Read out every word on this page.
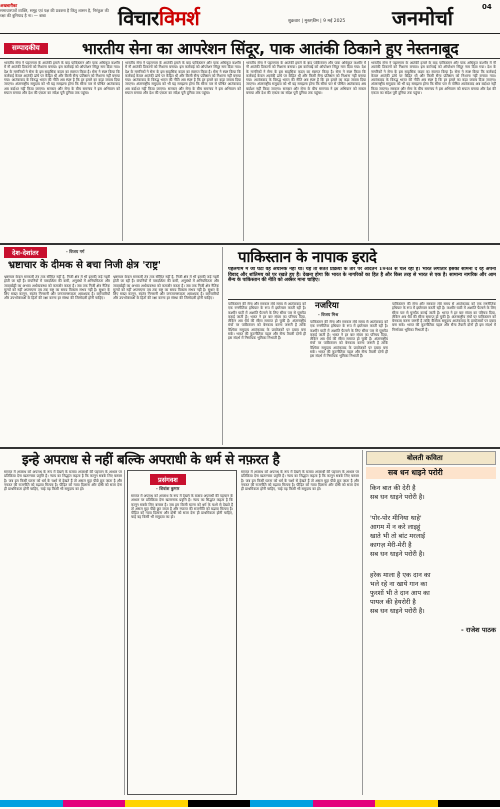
अखबारीका
समाचारपत्रों व्यक्ति, समूह एवं पक्ष की प्रवक्ता है किंतु शासन है, निरंकुश की रक्षा की बुनियाद है ना। — बाबा	विचारविमर्श	शुक्रवार | मुस्तफ़ीम | 9 मई 2025 जनमोर्चा	04
सम्पादकीय	भारतीय सेना का आपरेशन सिंदूर, पाक आतंकी ठिकाने हुए नेस्तनाबूद
भारतीय सेना ने पहलगाम के आतंकी हमले के बाद पाकिस्तान और पाक अधिकृत कश्मीर में नौ आतंकी ठिकानों को निशाना बनाया। इस कार्रवाई को ऑपरेशन सिंदूर नाम दिया गया। देश के नागरिकों ने सेना के इस साहसिक कदम का स्वागत किया है। सेना ने स्पष्ट किया कि कार्रवाई केवल आतंकी ढांचे पर केंद्रित थी और किसी सैन्य प्रतिष्ठान को निशाना नहीं बनाया गया। आतंकवाद के विरुद्ध भारत की नीति अब स्पष्ट है कि हर हमले का कड़ा जवाब दिया जाएगा। अंतरराष्ट्रीय समुदाय को भी यह समझना होगा कि सीमा पार से पोषित आतंकवाद अब बर्दाश्त नहीं किया जाएगा। सरकार और सेना के बीच समन्वय ने इस अभियान को सफल बनाया और देश की एकता का संदेश पूरी दुनिया तक पहुंचा।
भारतीय सेना ने पहलगाम के आतंकी हमले के बाद पाकिस्तान और पाक अधिकृत कश्मीर में नौ आतंकी ठिकानों को निशाना बनाया। इस कार्रवाई को ऑपरेशन सिंदूर नाम दिया गया। देश के नागरिकों ने सेना के इस साहसिक कदम का स्वागत किया है। सेना ने स्पष्ट किया कि कार्रवाई केवल आतंकी ढांचे पर केंद्रित थी और किसी सैन्य प्रतिष्ठान को निशाना नहीं बनाया गया। आतंकवाद के विरुद्ध भारत की नीति अब स्पष्ट है कि हर हमले का कड़ा जवाब दिया जाएगा। अंतरराष्ट्रीय समुदाय को भी यह समझना होगा कि सीमा पार से पोषित आतंकवाद अब बर्दाश्त नहीं किया जाएगा। सरकार और सेना के बीच समन्वय ने इस अभियान को सफल बनाया और देश की एकता का संदेश पूरी दुनिया तक पहुंचा।
भारतीय सेना ने पहलगाम के आतंकी हमले के बाद पाकिस्तान और पाक अधिकृत कश्मीर में नौ आतंकी ठिकानों को निशाना बनाया। इस कार्रवाई को ऑपरेशन सिंदूर नाम दिया गया। देश के नागरिकों ने सेना के इस साहसिक कदम का स्वागत किया है। सेना ने स्पष्ट किया कि कार्रवाई केवल आतंकी ढांचे पर केंद्रित थी और किसी सैन्य प्रतिष्ठान को निशाना नहीं बनाया गया। आतंकवाद के विरुद्ध भारत की नीति अब स्पष्ट है कि हर हमले का कड़ा जवाब दिया जाएगा। अंतरराष्ट्रीय समुदाय को भी यह समझना होगा कि सीमा पार से पोषित आतंकवाद अब बर्दाश्त नहीं किया जाएगा। सरकार और सेना के बीच समन्वय ने इस अभियान को सफल बनाया और देश की एकता का संदेश पूरी दुनिया तक पहुंचा।
भारतीय सेना ने पहलगाम के आतंकी हमले के बाद पाकिस्तान और पाक अधिकृत कश्मीर में नौ आतंकी ठिकानों को निशाना बनाया। इस कार्रवाई को ऑपरेशन सिंदूर नाम दिया गया। देश के नागरिकों ने सेना के इस साहसिक कदम का स्वागत किया है। सेना ने स्पष्ट किया कि कार्रवाई केवल आतंकी ढांचे पर केंद्रित थी और किसी सैन्य प्रतिष्ठान को निशाना नहीं बनाया गया। आतंकवाद के विरुद्ध भारत की नीति अब स्पष्ट है कि हर हमले का कड़ा जवाब दिया जाएगा। अंतरराष्ट्रीय समुदाय को भी यह समझना होगा कि सीमा पार से पोषित आतंकवाद अब बर्दाश्त नहीं किया जाएगा। सरकार और सेना के बीच समन्वय ने इस अभियान को सफल बनाया और देश की एकता का संदेश पूरी दुनिया तक पहुंचा।
देश-देशांतर	- विजय गर्ग
भ्रष्टाचार के दीमक से बचा निजी क्षेत्र 'राष्ट्र'
भ्रष्टाचार केवल सरकारी तंत्र तक सीमित नहीं है, निजी क्षेत्र में भी इसकी जड़ें गहरी होती जा रही हैं। कंपनियों में पारदर्शिता की कमी, अनुबंधों में अनियमितता और जवाबदेही का अभाव अर्थव्यवस्था को कमजोर करता है। जब तक निजी क्षेत्र नैतिक मूल्यों को नहीं अपनाएगा तब तक राष्ट्र का समग्र विकास संभव नहीं है। सुधार के लिए सख्त कानून, स्वतंत्र निगरानी और जनजागरूकता आवश्यक है। कर्मचारियों और उपभोक्ताओं के हितों की रक्षा करना हर संस्था की जिम्मेदारी होनी चाहिए।
भ्रष्टाचार केवल सरकारी तंत्र तक सीमित नहीं है, निजी क्षेत्र में भी इसकी जड़ें गहरी होती जा रही हैं। कंपनियों में पारदर्शिता की कमी, अनुबंधों में अनियमितता और जवाबदेही का अभाव अर्थव्यवस्था को कमजोर करता है। जब तक निजी क्षेत्र नैतिक मूल्यों को नहीं अपनाएगा तब तक राष्ट्र का समग्र विकास संभव नहीं है। सुधार के लिए सख्त कानून, स्वतंत्र निगरानी और जनजागरूकता आवश्यक है। कर्मचारियों और उपभोक्ताओं के हितों की रक्षा करना हर संस्था की जिम्मेदारी होनी चाहिए।
पाकिस्तान के नापाक इरादे
पहलगाम में जो घटा वह अचानक नहीं था। यह तो सतत प्रक्रिया के तौर पर आदतन 1948 से चल रहा है। भारत लगातार इसका सामना दे रहे अपनी विवाद और शांतिमय को पर रखते हुए है। देखना होगा कि भारत के नागरिकों का हित है और किस तरह से भारत से एक है। सामान्य नागरिक और आम सैन्य के पाकिस्तान की नीति को अक्सर माना चाहिए।
पाकिस्तान की सेना और सरकार लंबे समय से आतंकवाद को एक रणनीतिक हथियार के रूप में इस्तेमाल करती रही है। कश्मीर घाटी में अशांति फैलाने के लिए सीमा पार से घुसपैठ कराई जाती है। भारत ने हर बार संयम का परिचय दिया, लेकिन अब धैर्य की सीमा समाप्त हो चुकी है। अंतरराष्ट्रीय मंचों पर पाकिस्तान को बेनकाब करना जरूरी है ताकि वैश्विक समुदाय आतंकवाद के प्रायोजकों पर दबाव बना सके। भारत की कूटनीतिक पहल और सैन्य तैयारी दोनों ही इस संदर्भ में निर्णायक भूमिका निभाती हैं।
नजरिया
- विजय मिश्र
पाकिस्तान की सेना और सरकार लंबे समय से आतंकवाद को एक रणनीतिक हथियार के रूप में इस्तेमाल करती रही है। कश्मीर घाटी में अशांति फैलाने के लिए सीमा पार से घुसपैठ कराई जाती है। भारत ने हर बार संयम का परिचय दिया, लेकिन अब धैर्य की सीमा समाप्त हो चुकी है। अंतरराष्ट्रीय मंचों पर पाकिस्तान को बेनकाब करना जरूरी है ताकि वैश्विक समुदाय आतंकवाद के प्रायोजकों पर दबाव बना सके। भारत की कूटनीतिक पहल और सैन्य तैयारी दोनों ही इस संदर्भ में निर्णायक भूमिका निभाती हैं।
पाकिस्तान की सेना और सरकार लंबे समय से आतंकवाद को एक रणनीतिक हथियार के रूप में इस्तेमाल करती रही है। कश्मीर घाटी में अशांति फैलाने के लिए सीमा पार से घुसपैठ कराई जाती है। भारत ने हर बार संयम का परिचय दिया, लेकिन अब धैर्य की सीमा समाप्त हो चुकी है। अंतरराष्ट्रीय मंचों पर पाकिस्तान को बेनकाब करना जरूरी है ताकि वैश्विक समुदाय आतंकवाद के प्रायोजकों पर दबाव बना सके। भारत की कूटनीतिक पहल और सैन्य तैयारी दोनों ही इस संदर्भ में निर्णायक भूमिका निभाती हैं।
इन्हे अपराध से नहीं बल्कि अपराधी के धर्म से नफ़रत है
समाज में अपराध को अपराध के रूप में देखने के बजाय अपराधी की पहचान के आधार पर प्रतिक्रिया देना खतरनाक प्रवृत्ति है। न्याय का सिद्धांत कहता है कि कानून सबके लिए बराबर है। जब हम किसी घटना को धर्म के चश्मे से देखते हैं तो असल मुद्दा पीछे छूट जाता है और नफरत की राजनीति को बढ़ावा मिलता है। पीड़ित को न्याय दिलाना और दोषी को सजा देना ही प्राथमिकता होनी चाहिए, चाहे वह किसी भी समुदाय का हो।
प्रसंगवश
- शिवांश कुमार
समाज में अपराध को अपराध के रूप में देखने के बजाय अपराधी की पहचान के आधार पर प्रतिक्रिया देना खतरनाक प्रवृत्ति है। न्याय का सिद्धांत कहता है कि कानून सबके लिए बराबर है। जब हम किसी घटना को धर्म के चश्मे से देखते हैं तो असल मुद्दा पीछे छूट जाता है और नफरत की राजनीति को बढ़ावा मिलता है। पीड़ित को न्याय दिलाना और दोषी को सजा देना ही प्राथमिकता होनी चाहिए, चाहे वह किसी भी समुदाय का हो।
समाज में अपराध को अपराध के रूप में देखने के बजाय अपराधी की पहचान के आधार पर प्रतिक्रिया देना खतरनाक प्रवृत्ति है। न्याय का सिद्धांत कहता है कि कानून सबके लिए बराबर है। जब हम किसी घटना को धर्म के चश्मे से देखते हैं तो असल मुद्दा पीछे छूट जाता है और नफरत की राजनीति को बढ़ावा मिलता है। पीड़ित को न्याय दिलाना और दोषी को सजा देना ही प्राथमिकता होनी चाहिए, चाहे वह किसी भी समुदाय का हो।
बोलती कविता
सब धन धाइने परोरी
किन बात की देरी है
सब धन धाइने परोरी है।
'पोर-पोर मीनिया थाहे'
आगम में न करे लाइहूं
खाते भी तो बांट मरलाई
कागज़ मेरी-मेरी है
सब धन धाइने परोरी है।
हरेक माला है एक दान का
भले रहे ना खाये गान का
फुरशों भी ते दान आप का
पायल की हेयरोरी है
सब धन धाइने परोरी है।
- राजेश पाठक
